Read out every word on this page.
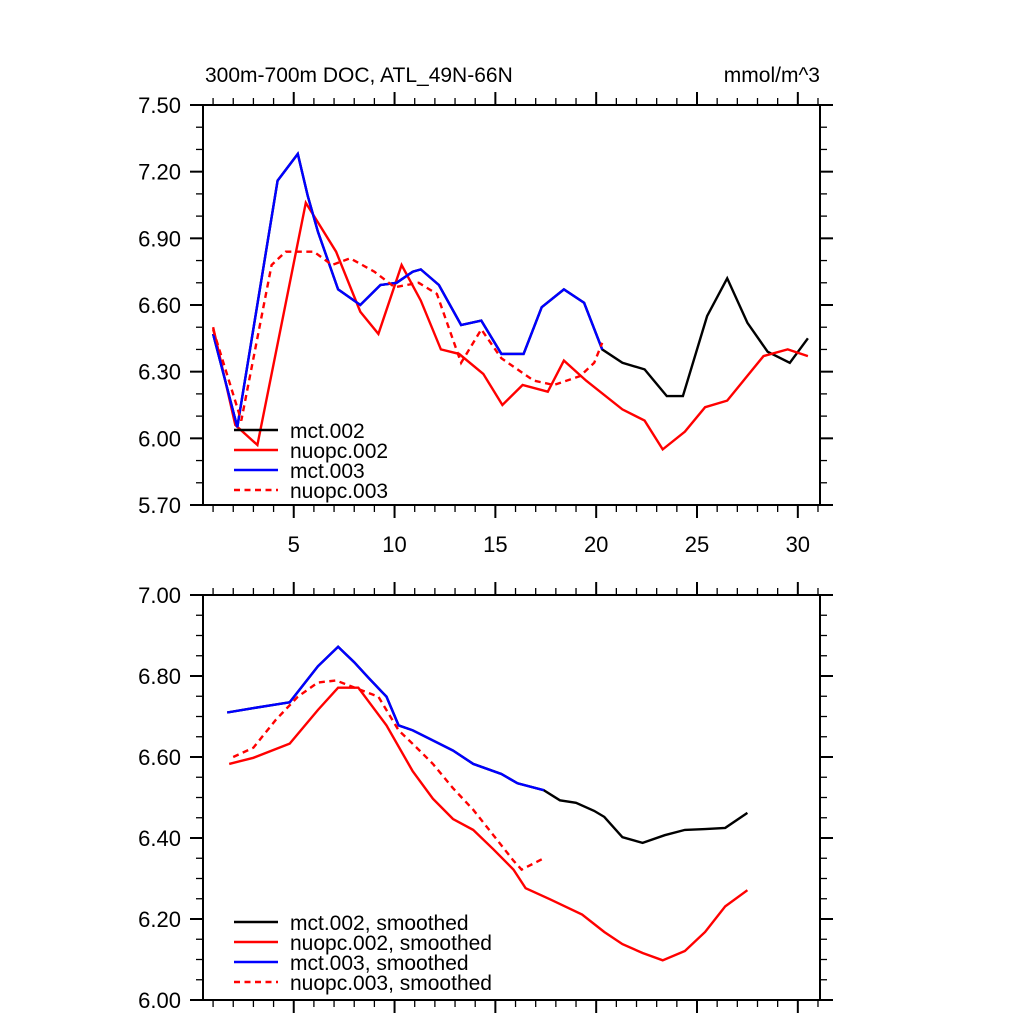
300m-700m DOC, ATL_49N-66N	mmol/m^3
5	10	15	20	25	30
7.50
7.20
6.90
6.60
6.30
6.00
5.70
mct.002
nuopc.002
mct.003
nuopc.003
7.00
6.80
6.60
6.40
6.20
6.00
mct.002, smoothed
nuopc.002, smoothed
mct.003, smoothed
nuopc.003, smoothed
